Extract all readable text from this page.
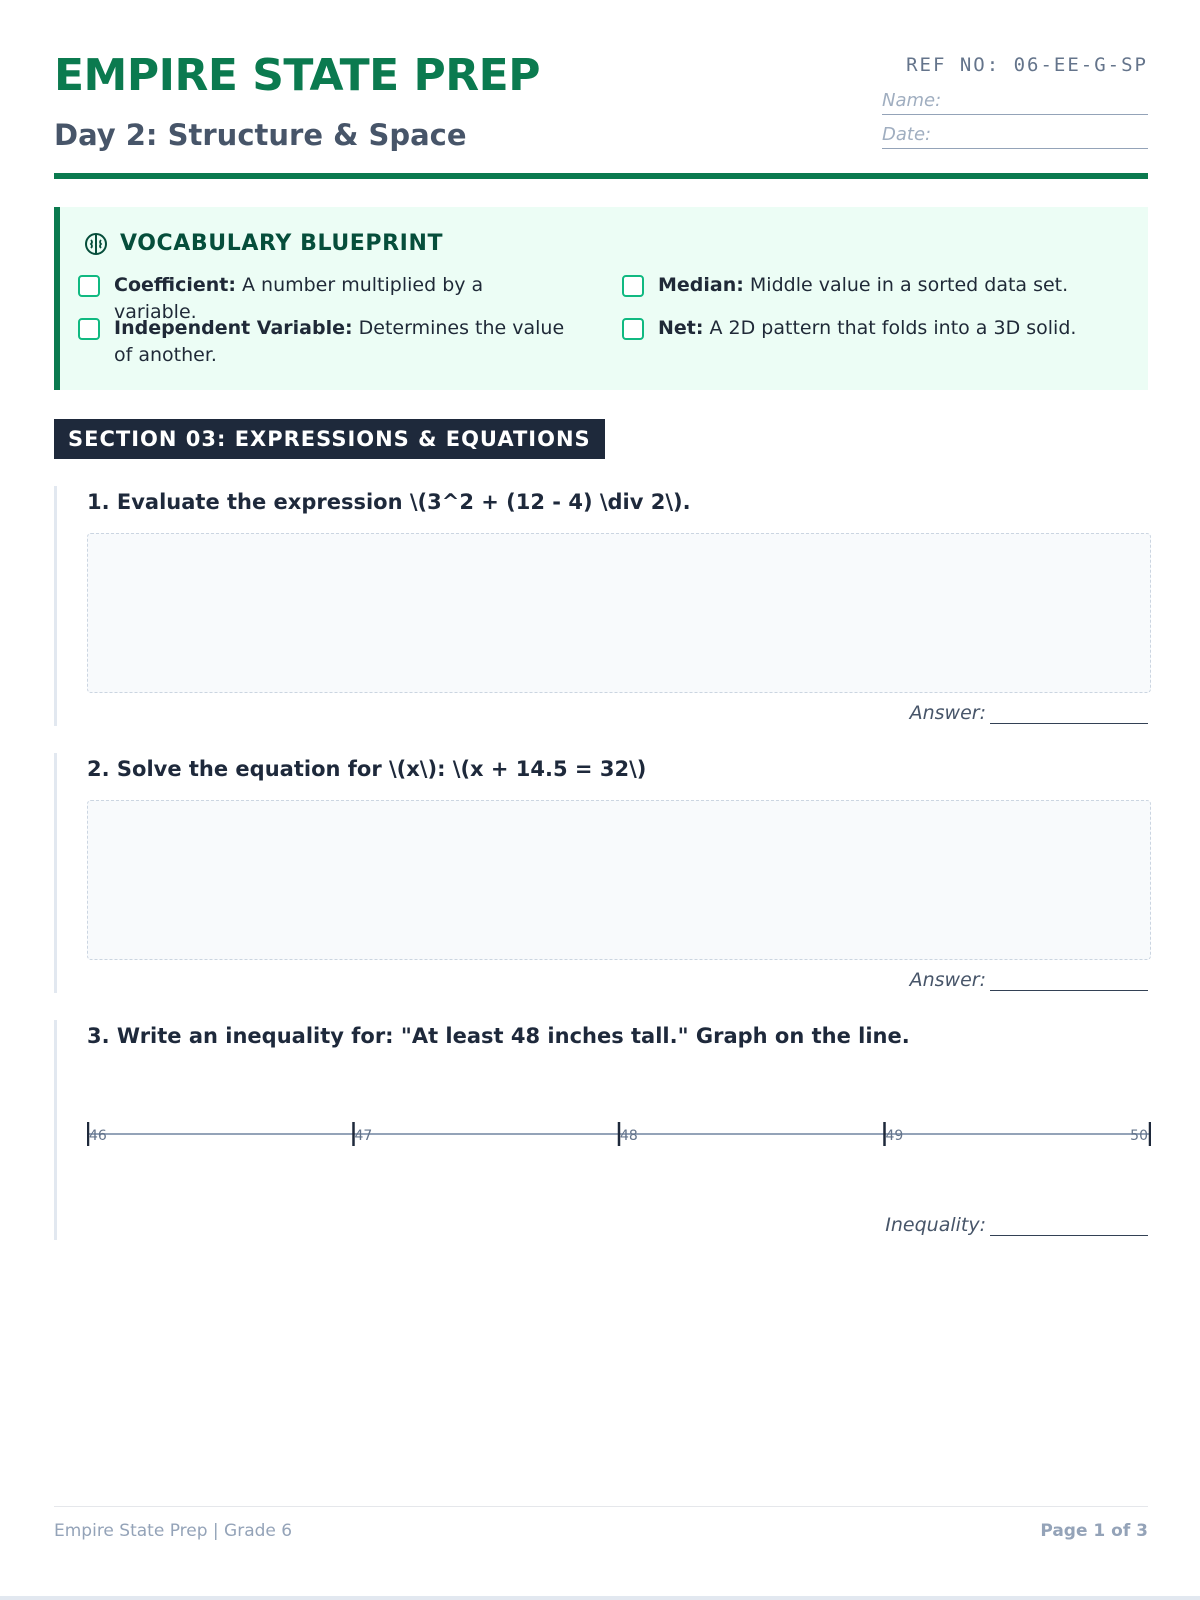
EMPIRE STATE PREP
Day 2: Structure & Space
REF NO: 06-EE-G-SP
Name:
Date:
VOCABULARY BLUEPRINT
Coefficient: A number multiplied by a variable.
Independent Variable: Determines the value of another.
Median: Middle value in a sorted data set.
Net: A 2D pattern that folds into a 3D solid.
SECTION 03: EXPRESSIONS & EQUATIONS
1. Evaluate the expression \(3^2 + (12 - 4) \div 2\).
Answer:
2. Solve the equation for \(x\): \(x + 14.5 = 32\)
Answer:
3. Write an inequality for: "At least 48 inches tall." Graph on the line.
46	47	48	49	50
Inequality:
Empire State Prep | Grade 6	Page 1 of 3
